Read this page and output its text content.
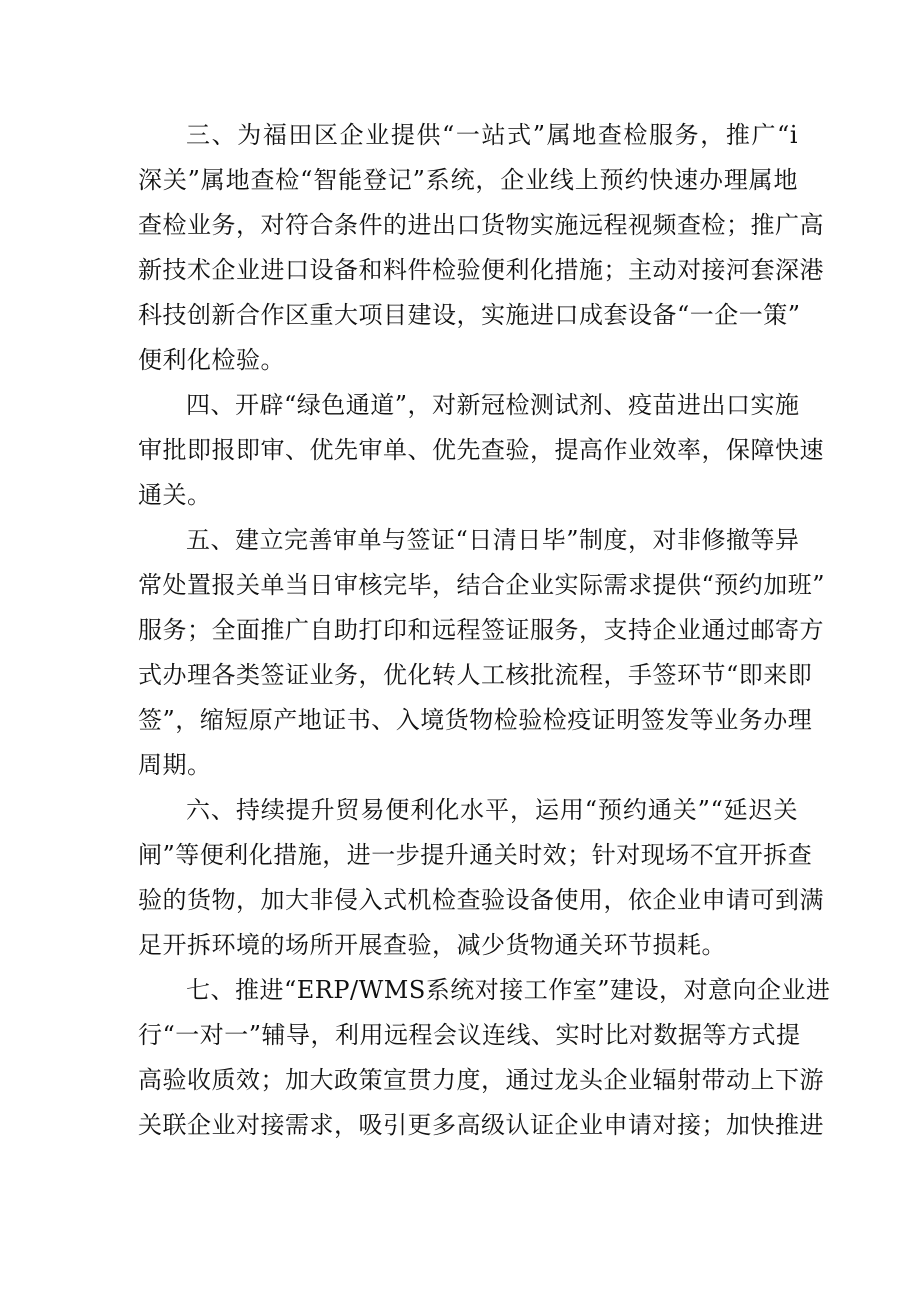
三、为福田区企业提供“一站式”属地查检服务，推广“i
深关”属地查检“智能登记”系统，企业线上预约快速办理属地
查检业务，对符合条件的进出口货物实施远程视频查检；推广高
新技术企业进口设备和料件检验便利化措施；主动对接河套深港
科技创新合作区重大项目建设，实施进口成套设备“一企一策”
便利化检验。
四、开辟“绿色通道”，对新冠检测试剂、疫苗进出口实施
审批即报即审、优先审单、优先查验，提高作业效率，保障快速
通关。
五、建立完善审单与签证“日清日毕”制度，对非修撤等异
常处置报关单当日审核完毕，结合企业实际需求提供“预约加班”
服务；全面推广自助打印和远程签证服务，支持企业通过邮寄方
式办理各类签证业务，优化转人工核批流程，手签环节“即来即
签”，缩短原产地证书、入境货物检验检疫证明签发等业务办理
周期。
六、持续提升贸易便利化水平，运用“预约通关”“延迟关
闸”等便利化措施，进一步提升通关时效；针对现场不宜开拆查
验的货物，加大非侵入式机检查验设备使用，依企业申请可到满
足开拆环境的场所开展查验，减少货物通关环节损耗。
七、推进“ERP/WMS系统对接工作室”建设，对意向企业进
行“一对一”辅导，利用远程会议连线、实时比对数据等方式提
高验收质效；加大政策宣贯力度，通过龙头企业辐射带动上下游
关联企业对接需求，吸引更多高级认证企业申请对接；加快推进
